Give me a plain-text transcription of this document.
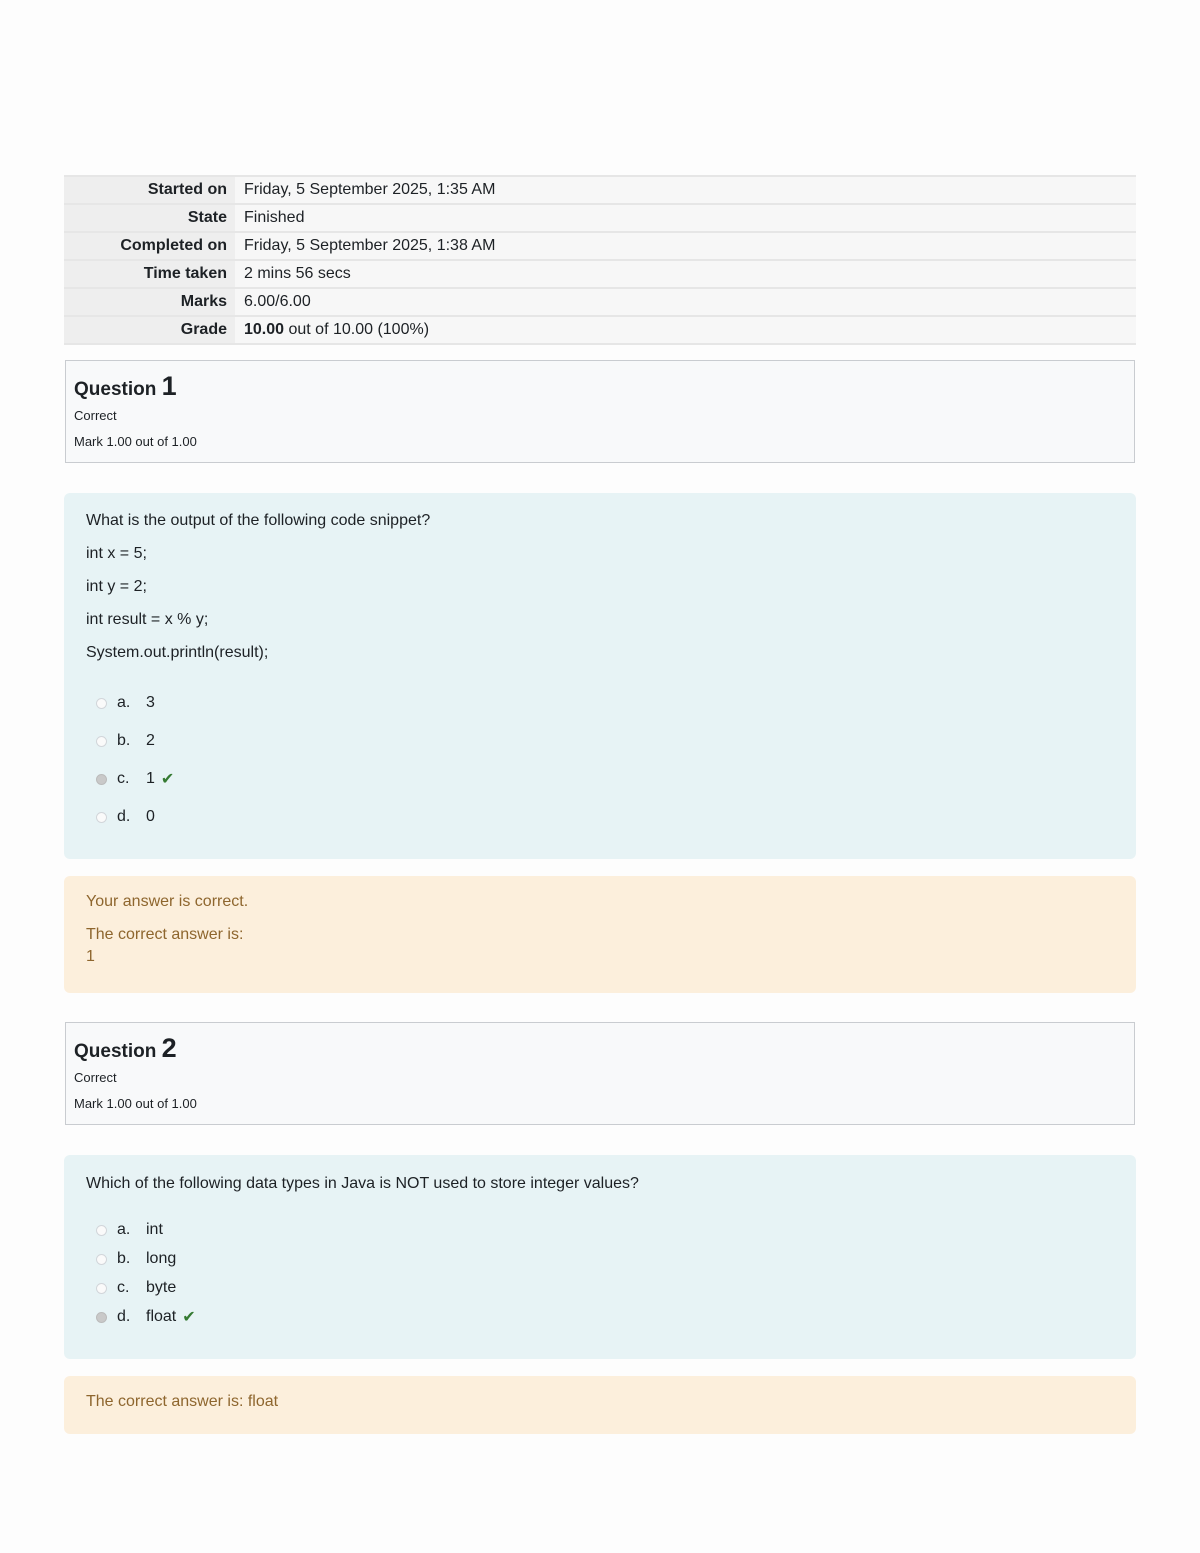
Started on	Friday, 5 September 2025, 1:35 AM
State	Finished
Completed on	Friday, 5 September 2025, 1:38 AM
Time taken	2 mins 56 secs
Marks	6.00/6.00
Grade	10.00 out of 10.00 (100%)
Question 1
Correct
Mark 1.00 out of 1.00

What is the output of the following code snippet?

int x = 5;

int y = 2;

int result = x % y;

System.out.println(result);

a. 3
b. 2
c.	1 ✔
d. 0
Your answer is correct.
The correct answer is:
1
Question 2
Correct
Mark 1.00 out of 1.00

Which of the following data types in Java is NOT used to store integer values?

a. int
b. long
c.	byte
d. float ✔
The correct answer is: float
